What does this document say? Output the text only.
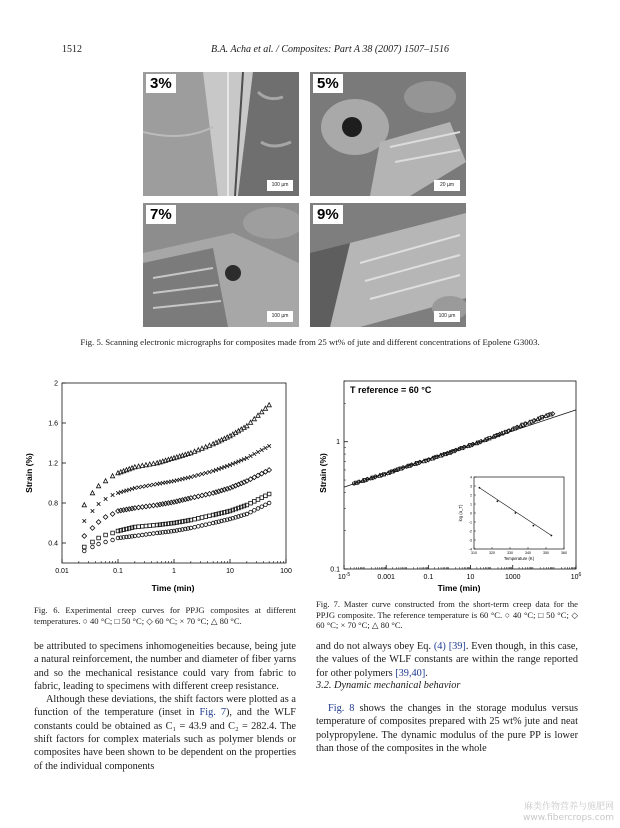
1512	B.A. Acha et al. / Composites: Part A 38 (2007) 1507–1516
3%
100 µm
5%
20 µm
7%
100 µm
9%
100 µm
Fig. 5. Scanning electronic micrographs for composites made from 25 wt% of jute and different concentrations of Epolene G3003.
0.01	0.1	1	10	100
0.4
0.8
1.2
1.6
2
Time (min)
Strain (%)
Fig. 6. Experimental creep curves for PPJG composites at different temperatures. ○ 40 °C; □ 50 °C; ◇ 60 °C; × 70 °C; △ 80 °C.
$10^{-5}$	0.001	0.1	10	1000	$10^6$
0.1
1
T reference = 60 °C
Time (min)
Strain (%)
310	320	330	340	350	360
4
3
2
1
0
-1
-2
-3
-4
Temperature (K)
log (a_T)
Fig. 7. Master curve constructed from the short-term creep data for the PPJG composite. The reference temperature is 60 °C. ○ 40 °C; □ 50 °C; ◇ 60 °C; × 70 °C; △ 80 °C.

be attributed to specimens inhomogeneities because, being jute a natural reinforcement, the number and diameter of fiber yarns and so the mechanical resistance could vary from fabric to fabric, leading to specimens with different creep resistance.

Although these deviations, the shift factors were plotted as a function of the temperature (inset in Fig. 7), and the WLF constants could be obtained as C₁ = 43.9 and C₂ = 282.4. The shift factors for complex materials such as polymer blends or composites have been shown to be dependent on the properties of the individual components

and do not always obey Eq. (4) [39]. Even though, in this case, the values of the WLF constants are within the range reported for other polymers [39,40].

3.2. Dynamic mechanical behavior

Fig. 8 shows the changes in the storage modulus versus temperature of composites prepared with 25 wt% jute and neat polypropylene. The dynamic modulus of the pure PP is lower than those of the composites in the whole

麻类作物营养与施肥网
www.fibercrops.com
